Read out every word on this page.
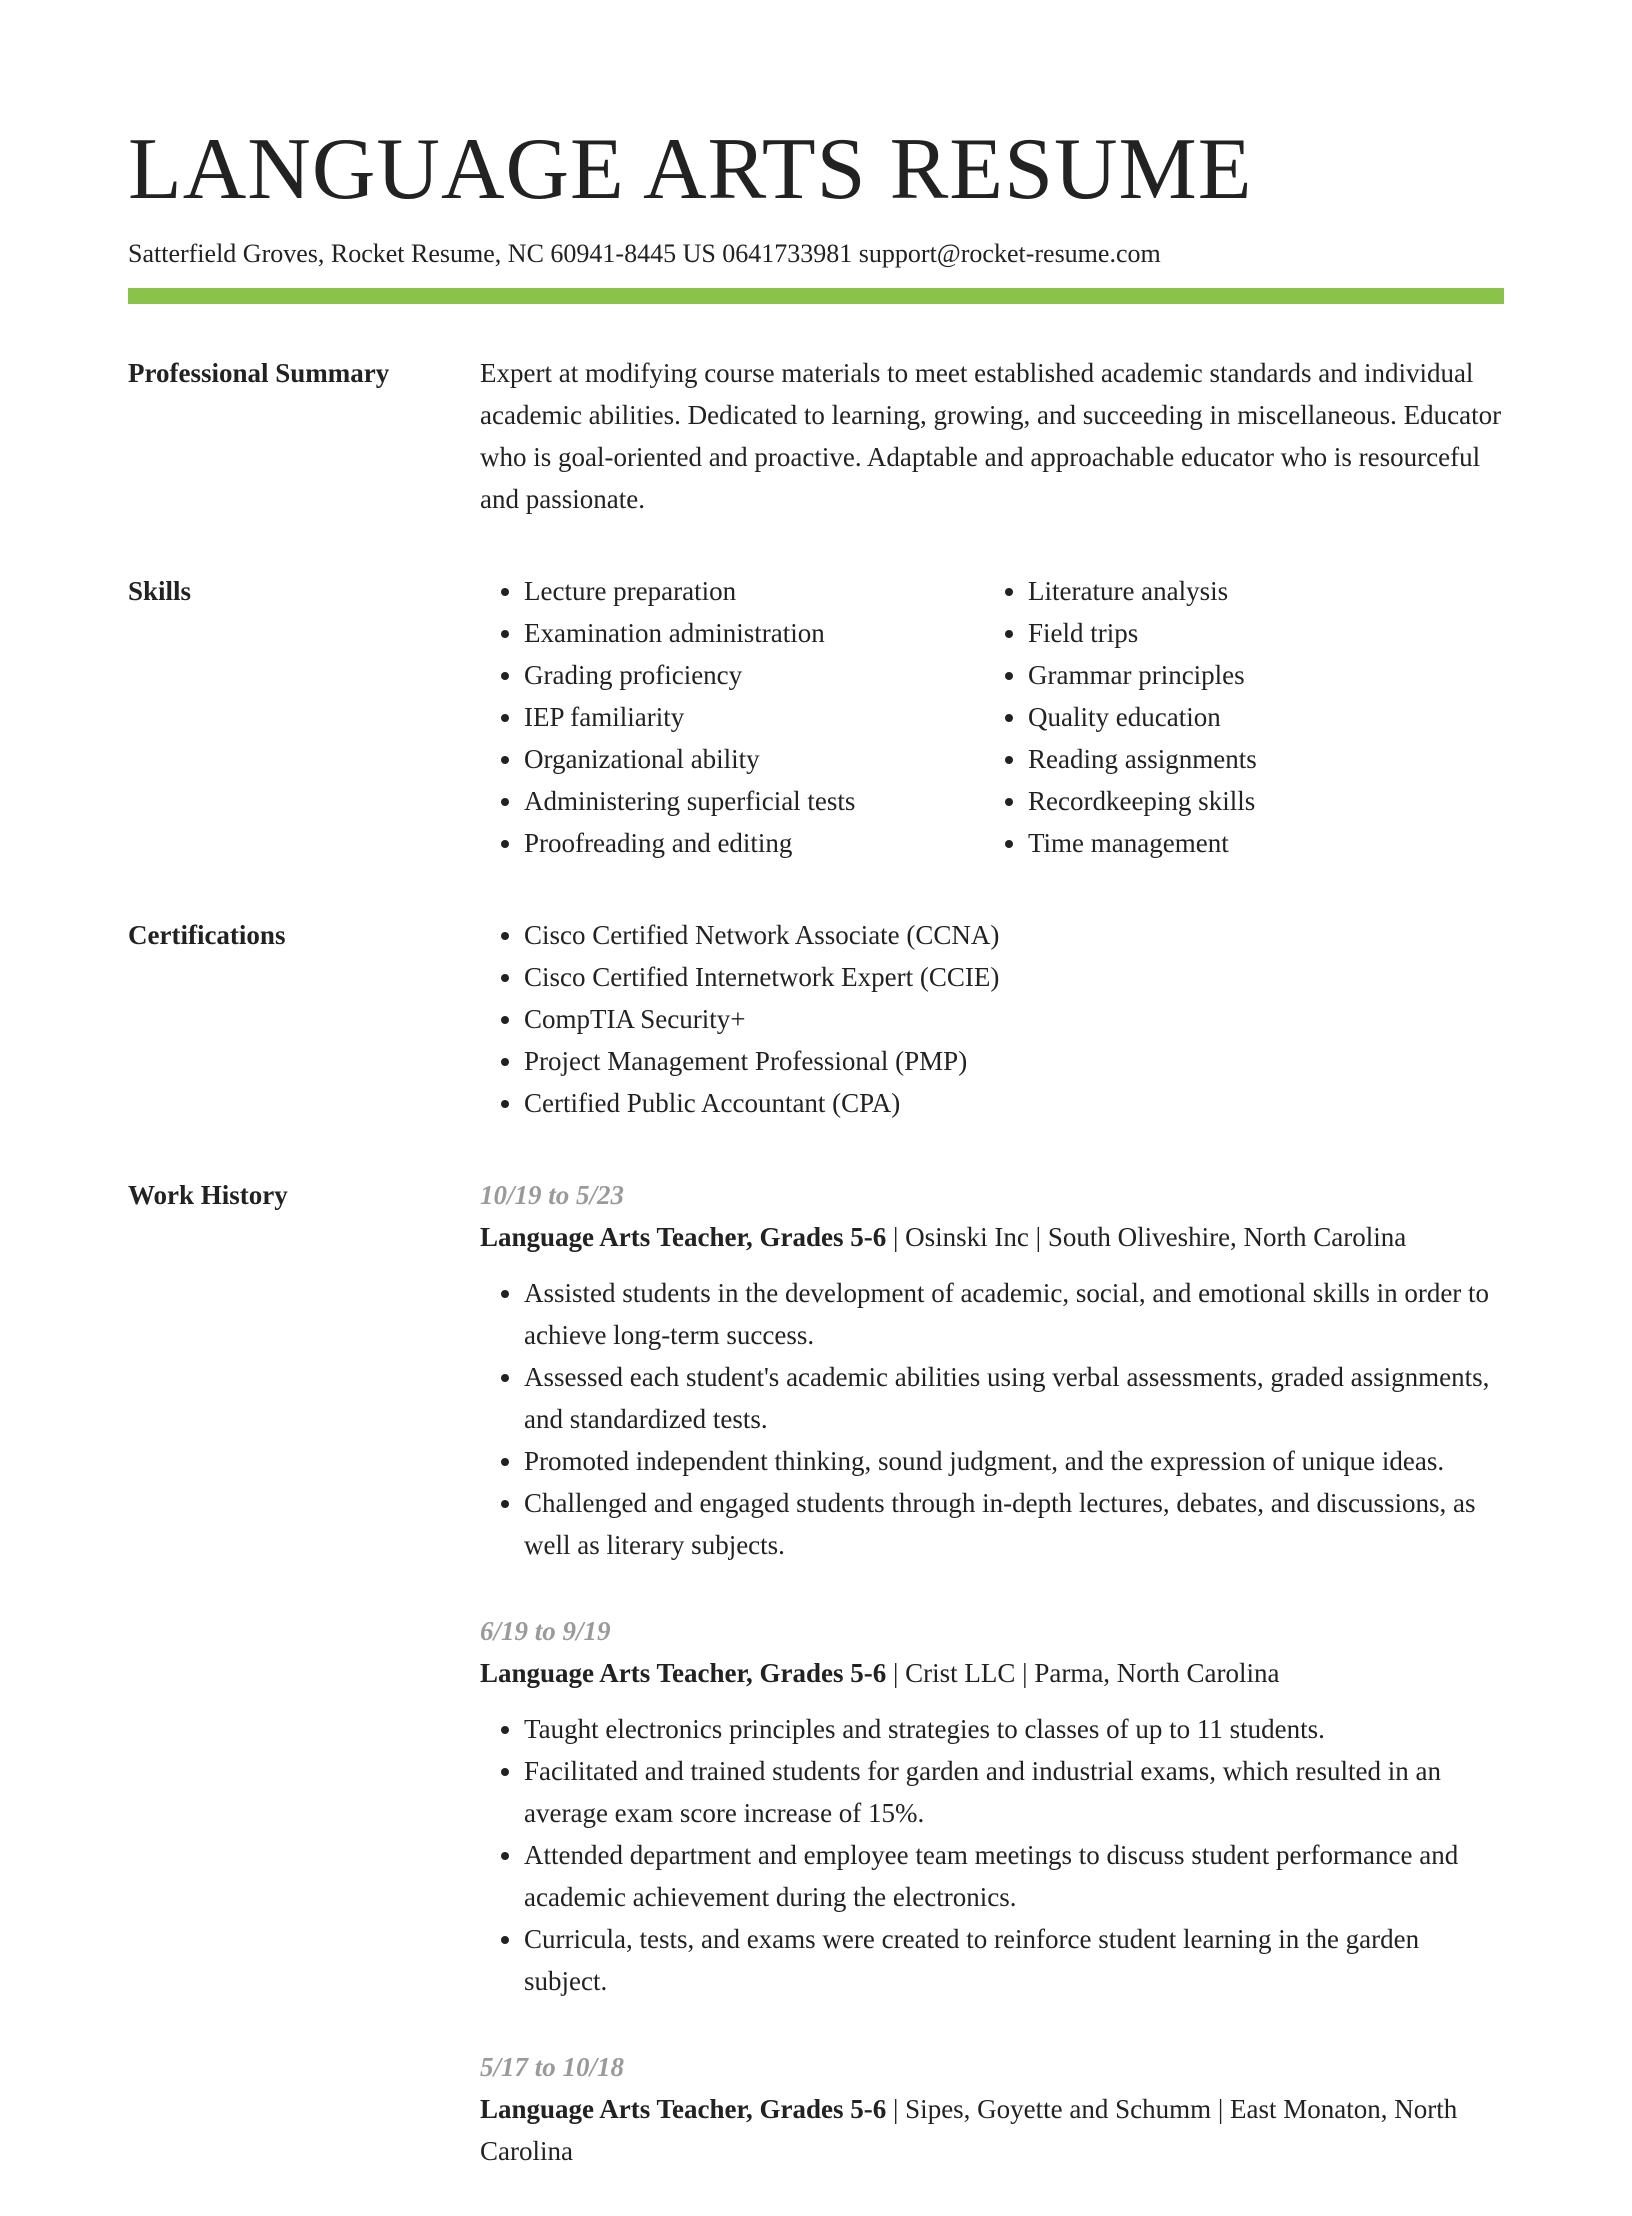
LANGUAGE ARTS RESUME
Satterfield Groves, Rocket Resume, NC 60941-8445 US 0641733981 support@rocket-resume.com
Professional Summary	Expert at modifying course materials to meet established academic standards and individual academic abilities. Dedicated to learning, growing, and succeeding in miscellaneous. Educator who is goal-oriented and proactive. Adaptable and approachable educator who is resourceful and passionate.

Skills	• Lecture preparation
• Examination administration
• Grading proficiency
• IEP familiarity
• Organizational ability
• Administering superficial tests
• Proofreading and editing
• Literature analysis
• Field trips
• Grammar principles
• Quality education
• Reading assignments
• Recordkeeping skills
• Time management
Certifications	• Cisco Certified Network Associate (CCNA)
• Cisco Certified Internetwork Expert (CCIE)
• CompTIA Security+
• Project Management Professional (PMP)
• Certified Public Accountant (CPA)
Work History	10/19 to 5/23
Language Arts Teacher, Grades 5-6 | Osinski Inc | South Oliveshire, North Carolina
• Assisted students in the development of academic, social, and emotional skills in order to achieve long-term success.
• Assessed each student's academic abilities using verbal assessments, graded assignments, and standardized tests.
• Promoted independent thinking, sound judgment, and the expression of unique ideas.
• Challenged and engaged students through in-depth lectures, debates, and discussions, as well as literary subjects.
6/19 to 9/19
Language Arts Teacher, Grades 5-6 | Crist LLC | Parma, North Carolina
• Taught electronics principles and strategies to classes of up to 11 students.
• Facilitated and trained students for garden and industrial exams, which resulted in an average exam score increase of 15%.
• Attended department and employee team meetings to discuss student performance and academic achievement during the electronics.
• Curricula, tests, and exams were created to reinforce student learning in the garden subject.
5/17 to 10/18
Language Arts Teacher, Grades 5-6 | Sipes, Goyette and Schumm | East Monaton, North Carolina
